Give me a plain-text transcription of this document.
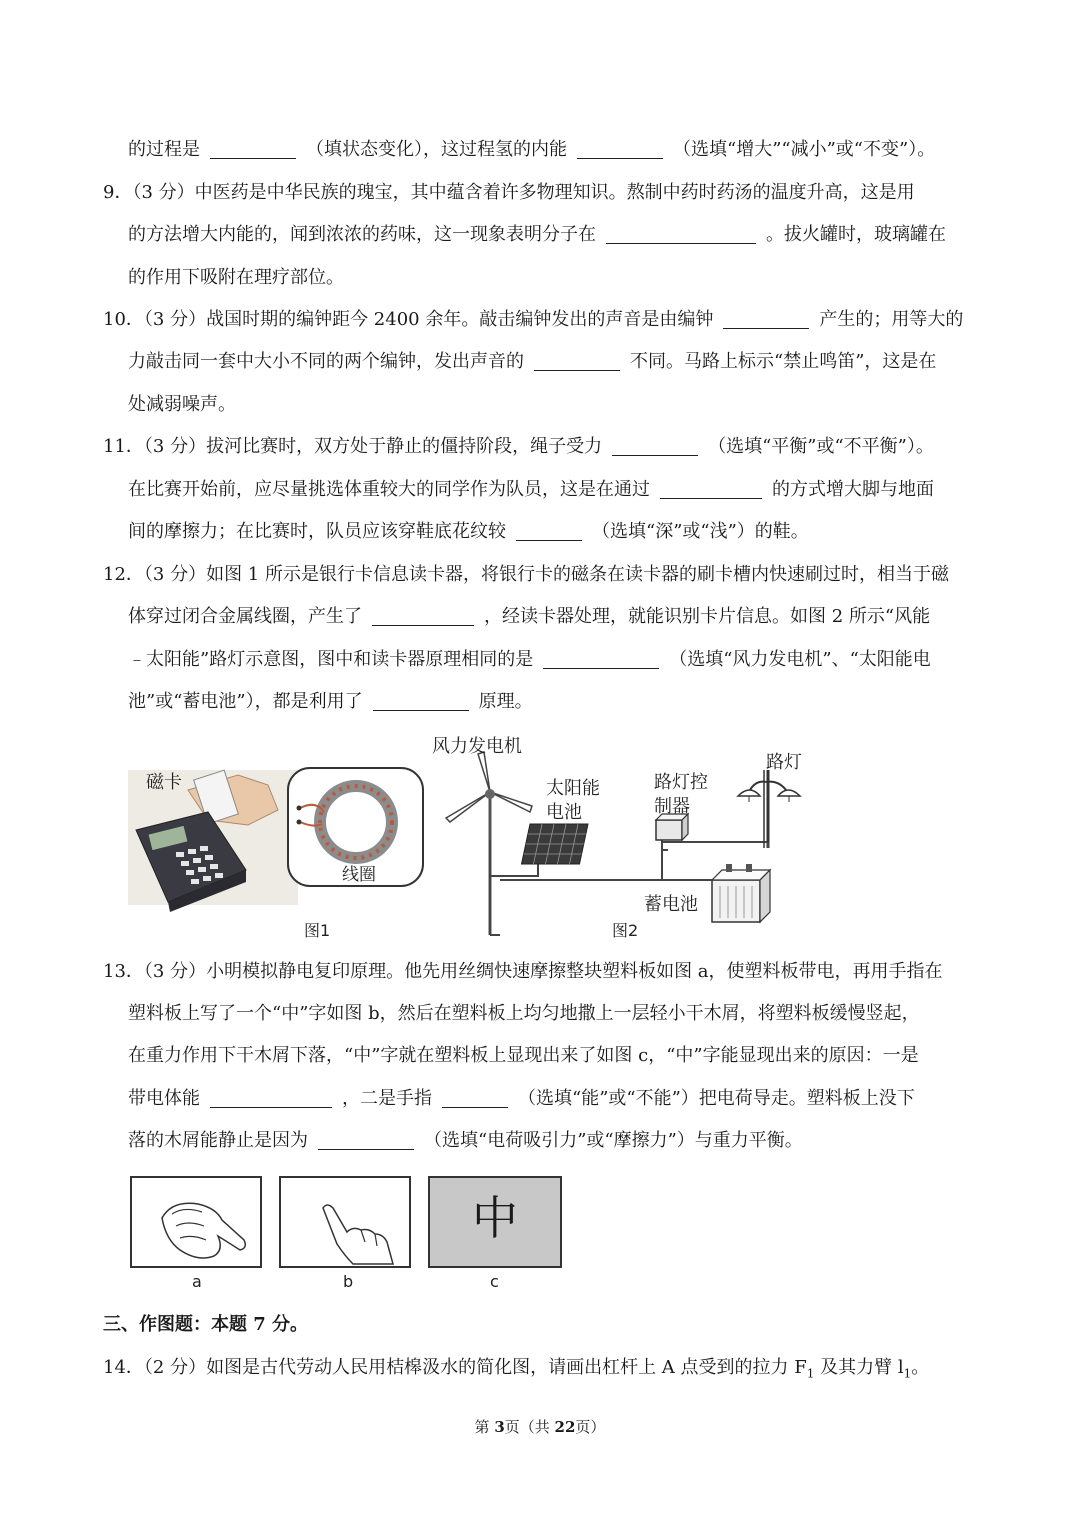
的过程是	（填状态变化），这过程氢的内能	（选填“增大”“减小”或“不变”）。
9．（3 分）中医药是中华民族的瑰宝，其中蕴含着许多物理知识。熬制中药时药汤的温度升高，这是用
的方法增大内能的，闻到浓浓的药味，这一现象表明分子在	。拔火罐时，玻璃罐在
的作用下吸附在理疗部位。
10．（3 分）战国时期的编钟距今 2400 余年。敲击编钟发出的声音是由编钟	产生的；用等大的
力敲击同一套中大小不同的两个编钟，发出声音的	不同。马路上标示“禁止鸣笛”，这是在
处减弱噪声。
11．（3 分）拔河比赛时，双方处于静止的僵持阶段，绳子受力	（选填“平衡”或“不平衡”）。
在比赛开始前，应尽量挑选体重较大的同学作为队员，这是在通过	的方式增大脚与地面
间的摩擦力；在比赛时，队员应该穿鞋底花纹较	（选填“深”或“浅”）的鞋。
12．（3 分）如图 1 所示是银行卡信息读卡器，将银行卡的磁条在读卡器的刷卡槽内快速刷过时，相当于磁
体穿过闭合金属线圈，产生了	，经读卡器处理，就能识别卡片信息。如图 2 所示“风能
﹣太阳能”路灯示意图，图中和读卡器原理相同的是	（选填“风力发电机”、“太阳能电
池”或“蓄电池”），都是利用了	原理。
磁卡
线圈
图1
风力发电机
太阳能
电池
路灯控
制器
路灯
蓄电池
图2
13．（3 分）小明模拟静电复印原理。他先用丝绸快速摩擦整块塑料板如图 a，使塑料板带电，再用手指在
塑料板上写了一个“中”字如图 b，然后在塑料板上均匀地撒上一层轻小干木屑，将塑料板缓慢竖起，
在重力作用下干木屑下落，“中”字就在塑料板上显现出来了如图 c，“中”字能显现出来的原因：一是
带电体能	，二是手指	（选填“能”或“不能”）把电荷导走。塑料板上没下
落的木屑能静止是因为	（选填“电荷吸引力”或“摩擦力”）与重力平衡。
中
a	b	c
三、作图题：本题 7 分。
14．（2 分）如图是古代劳动人民用桔槔汲水的简化图，请画出杠杆上 A 点受到的拉力 $F_1$ 及其力臂 $l_1$。
第 3页（共 22页）
